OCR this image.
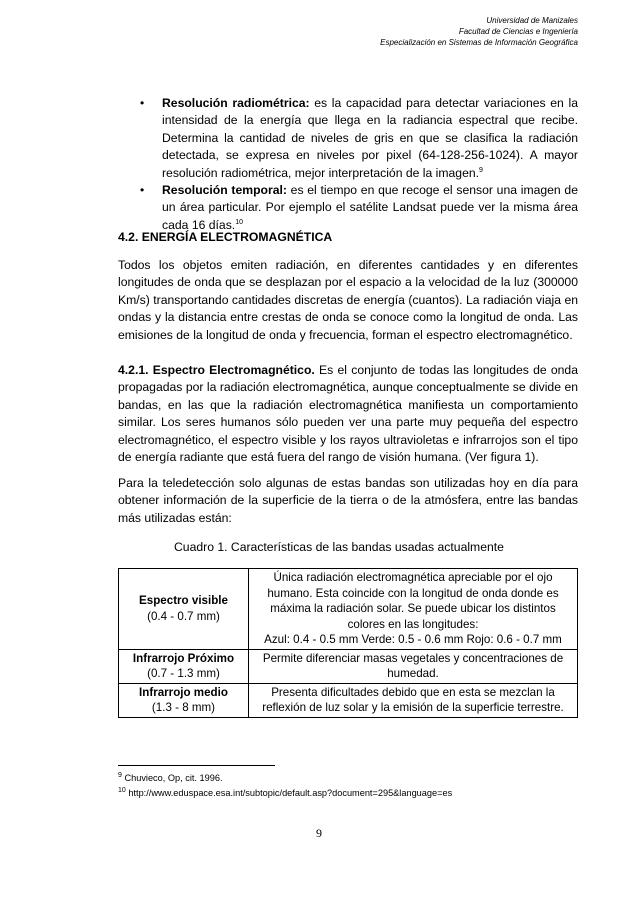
Universidad de Manizales
Facultad de Ciencias e Ingeniería
Especialización en Sistemas de Información Geográfica
• Resolución radiométrica: es la capacidad para detectar variaciones en la intensidad de la energía que llega en la radiancia espectral que recibe. Determina la cantidad de niveles de gris en que se clasifica la radiación detectada, se expresa en niveles por pixel (64-128-256-1024). A mayor resolución radiométrica, mejor interpretación de la imagen.$^9$
• Resolución temporal: es el tiempo en que recoge el sensor una imagen de un área particular. Por ejemplo el satélite Landsat puede ver la misma área cada 16 días.$^{10}$
4.2. ENERGÍA ELECTROMAGNÉTICA

Todos los objetos emiten radiación, en diferentes cantidades y en diferentes longitudes de onda que se desplazan por el espacio a la velocidad de la luz (300000 Km/s) transportando cantidades discretas de energía (cuantos). La radiación viaja en ondas y la distancia entre crestas de onda se conoce como la longitud de onda. Las emisiones de la longitud de onda y frecuencia, forman el espectro electromagnético.

4.2.1. Espectro Electromagnético. Es el conjunto de todas las longitudes de onda propagadas por la radiación electromagnética, aunque conceptualmente se divide en bandas, en las que la radiación electromagnética manifiesta un comportamiento similar. Los seres humanos sólo pueden ver una parte muy pequeña del espectro electromagnético, el espectro visible y los rayos ultravioletas e infrarrojos son el tipo de energía radiante que está fuera del rango de visión humana. (Ver figura 1).

Para la teledetección solo algunas de estas bandas son utilizadas hoy en día para obtener información de la superficie de la tierra o de la atmósfera, entre las bandas más utilizadas están:

Cuadro 1. Características de las bandas usadas actualmente
Espectro visible
(0.4 - 0.7 mm)	Única radiación electromagnética apreciable por el ojo humano. Esta coincide con la longitud de onda donde es máxima la radiación solar. Se puede ubicar los distintos colores en las longitudes:
Azul: 0.4 - 0.5 mm Verde: 0.5 - 0.6 mm Rojo: 0.6 - 0.7 mm
Infrarrojo Próximo
(0.7 - 1.3 mm)	Permite diferenciar masas vegetales y concentraciones de humedad.
Infrarrojo medio
(1.3 - 8 mm)	Presenta dificultades debido que en esta se mezclan la reflexión de luz solar y la emisión de la superficie terrestre.
$^9$ Chuvieco, Op, cit. 1996.
$^{10}$ http://www.eduspace.esa.int/subtopic/default.asp?document=295&language=es
9
